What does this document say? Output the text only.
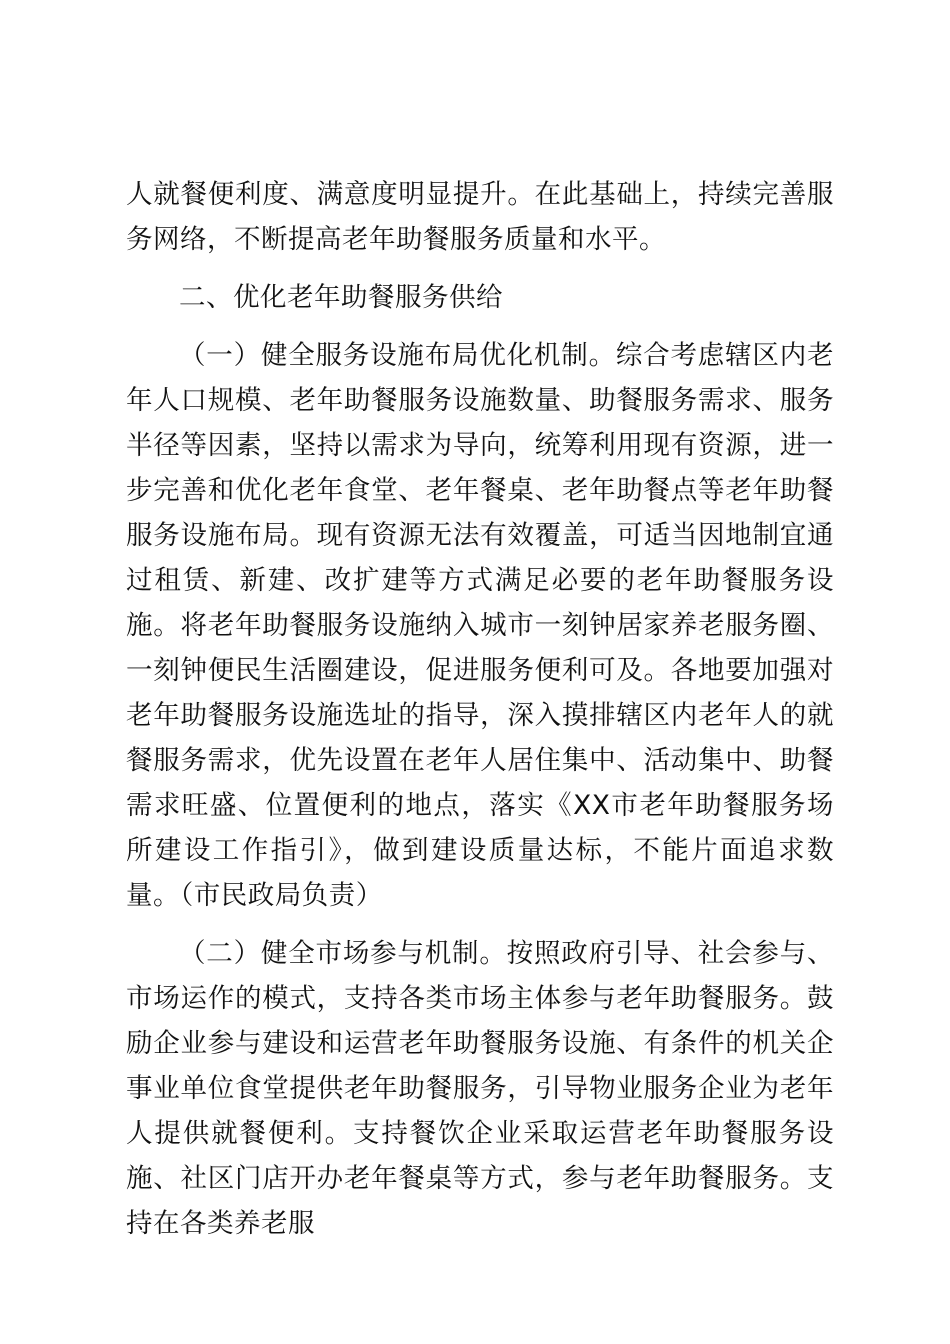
人就餐便利度、满意度明显提升。在此基础上，持续完善服务网络，不断提高老年助餐服务质量和水平。

二、优化老年助餐服务供给

（一）健全服务设施布局优化机制。综合考虑辖区内老年人口规模、老年助餐服务设施数量、助餐服务需求、服务半径等因素，坚持以需求为导向，统筹利用现有资源，进一步完善和优化老年食堂、老年餐桌、老年助餐点等老年助餐服务设施布局。现有资源无法有效覆盖，可适当因地制宜通过租赁、新建、改扩建等方式满足必要的老年助餐服务设施。将老年助餐服务设施纳入城市一刻钟居家养老服务圈、一刻钟便民生活圈建设，促进服务便利可及。各地要加强对老年助餐服务设施选址的指导，深入摸排辖区内老年人的就餐服务需求，优先设置在老年人居住集中、活动集中、助餐需求旺盛、位置便利的地点，落实《XX市老年助餐服务场所建设工作指引》，做到建设质量达标，不能片面追求数量。（市民政局负责）

（二）健全市场参与机制。按照政府引导、社会参与、市场运作的模式，支持各类市场主体参与老年助餐服务。鼓励企业参与建设和运营老年助餐服务设施、有条件的机关企事业单位食堂提供老年助餐服务，引导物业服务企业为老年人提供就餐便利。支持餐饮企业采取运营老年助餐服务设施、社区门店开办老年餐桌等方式，参与老年助餐服务。支持在各类养老服
